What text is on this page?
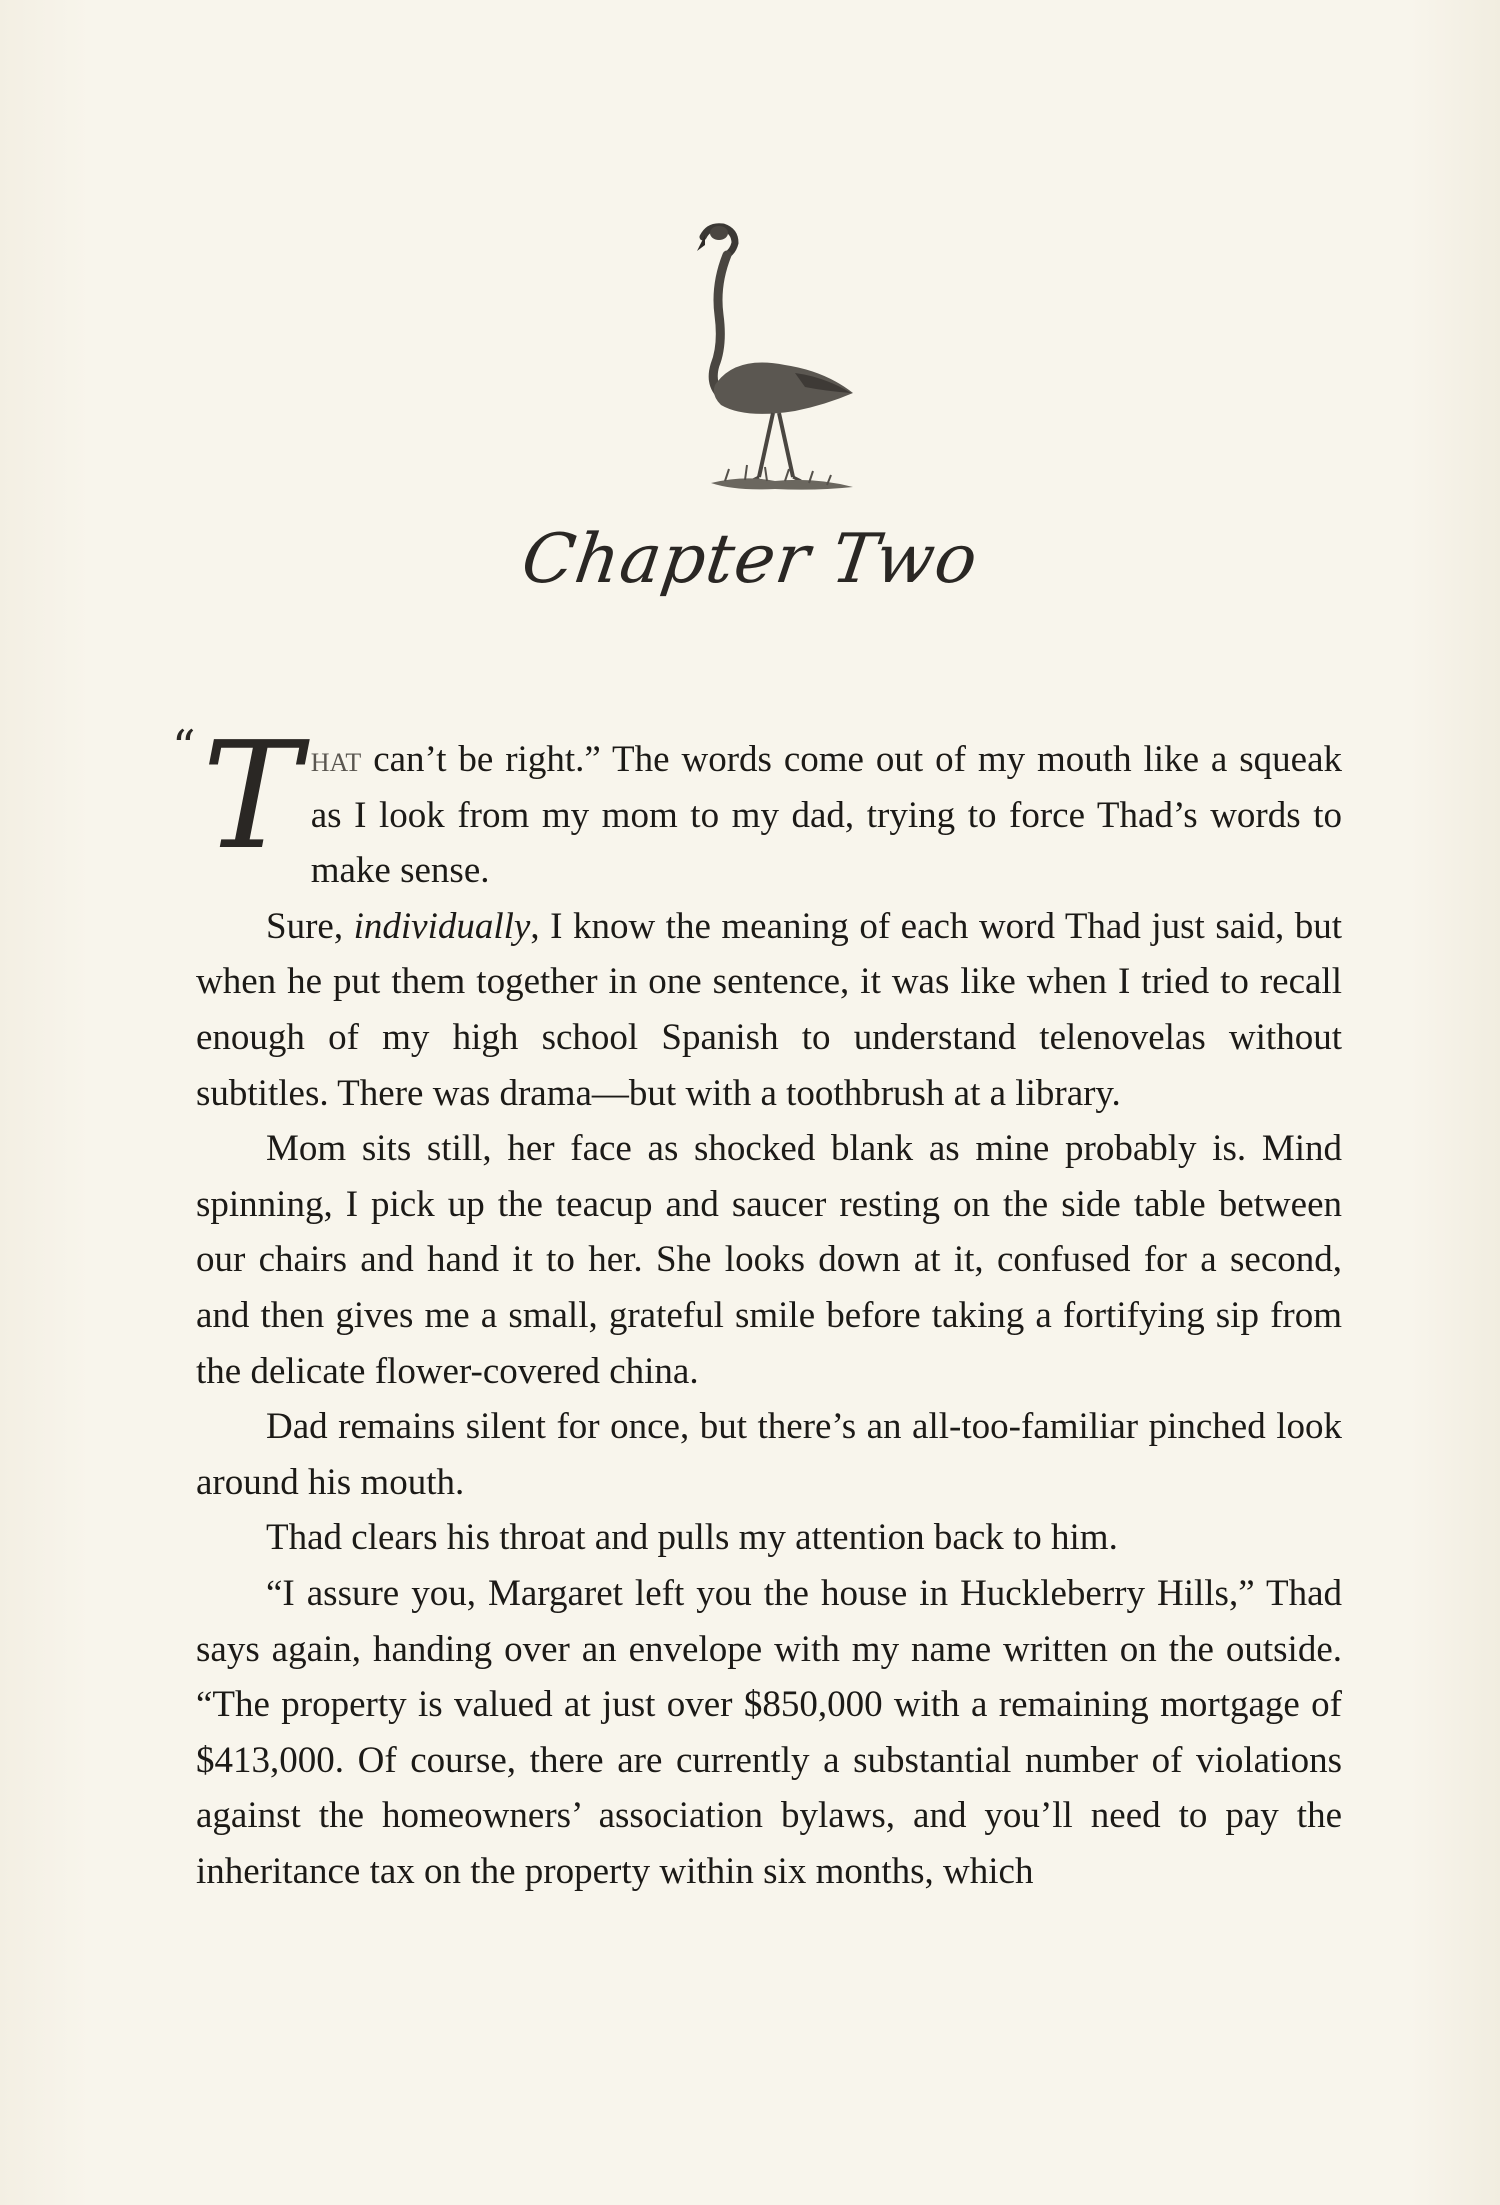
Chapter Two

“ T hat can’t be right.” The words come out of my mouth like a squeak as I look from my mom to my dad, trying to force Thad’s words to make sense.

Sure, individually, I know the meaning of each word Thad just said, but when he put them together in one sentence, it was like when I tried to recall enough of my high school Spanish to understand telenovelas without subtitles. There was drama—but with a toothbrush at a library.

Mom sits still, her face as shocked blank as mine probably is. Mind spinning, I pick up the teacup and saucer resting on the side table between our chairs and hand it to her. She looks down at it, confused for a second, and then gives me a small, grateful smile before taking a fortifying sip from the delicate flower-covered china.

Dad remains silent for once, but there’s an all-too-familiar pinched look around his mouth.

Thad clears his throat and pulls my attention back to him.

“I assure you, Margaret left you the house in Huckleberry Hills,” Thad says again, handing over an envelope with my name written on the outside. “The property is valued at just over $850,000 with a remaining mortgage of $413,000. Of course, there are currently a substantial number of violations against the homeowners’ association bylaws, and you’ll need to pay the inheritance tax on the property within six months, which
